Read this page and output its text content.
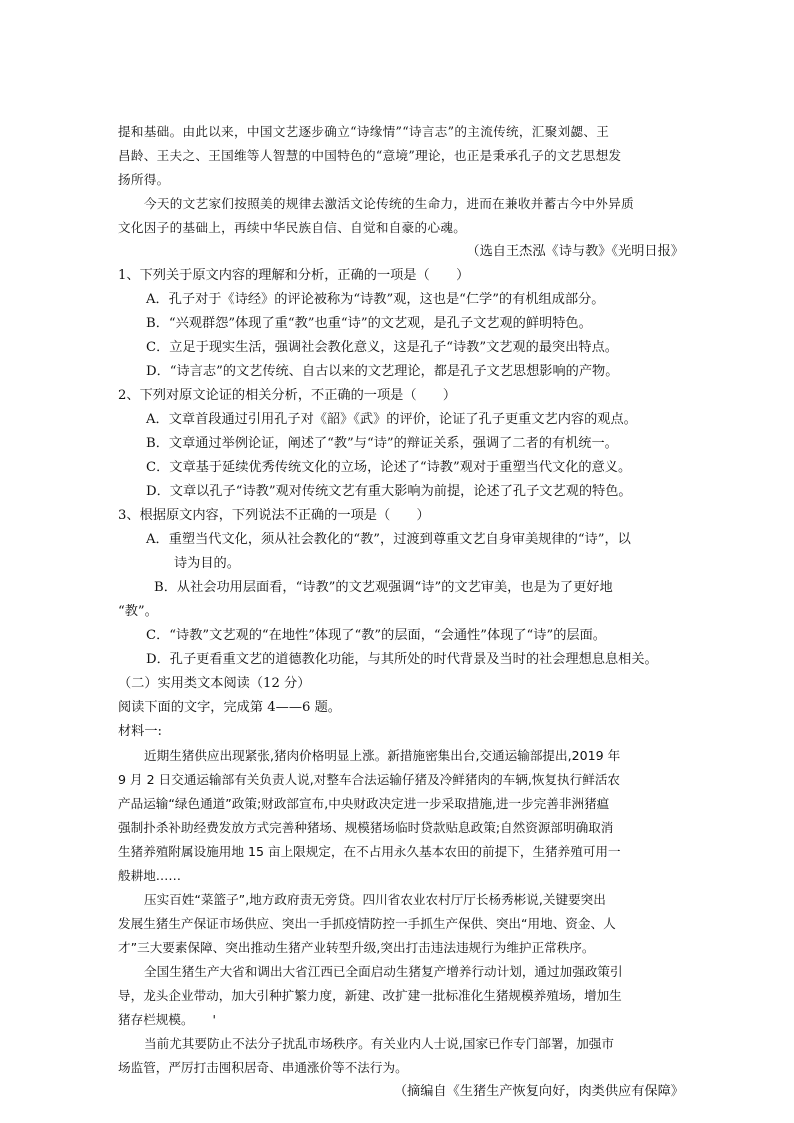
提和基础。由此以来，中国文艺逐步确立“诗缘情”“诗言志”的主流传统，汇聚刘勰、王
昌龄、王夫之、王国维等人智慧的中国特色的“意境”理论，也正是秉承孔子的文艺思想发
扬所得。
今天的文艺家们按照美的规律去激活文论传统的生命力，进而在兼收并蓄古今中外异质
文化因子的基础上，再续中华民族自信、自觉和自豪的心魂。
（选自王杰泓《诗与教》《光明日报》
1、下列关于原文内容的理解和分析，正确的一项是（　　）
A．孔子对于《诗经》的评论被称为“诗教”观，这也是“仁学”的有机组成部分。
B．“兴观群怨”体现了重“教”也重“诗”的文艺观，是孔子文艺观的鲜明特色。
C．立足于现实生活，强调社会教化意义，这是孔子“诗教”文艺观的最突出特点。
D．“诗言志”的文艺传统、自古以来的文艺理论，都是孔子文艺思想影响的产物。
2、下列对原文论证的相关分析，不正确的一项是（　　）
A．文章首段通过引用孔子对《韶》《武》的评价，论证了孔子更重文艺内容的观点。
B．文章通过举例论证，阐述了“教”与“诗”的辩证关系，强调了二者的有机统一。
C．文章基于延续优秀传统文化的立场，论述了“诗教”观对于重塑当代文化的意义。
D．文章以孔子“诗教”观对传统文艺有重大影响为前提，论述了孔子文艺观的特色。
3、根据原文内容，下列说法不正确的一项是（　　）
A．重塑当代文化，须从社会教化的“教”，过渡到尊重文艺自身审美规律的“诗”，以
诗为目的。
B．从社会功用层面看，“诗教”的文艺观强调“诗”的文艺审美，也是为了更好地
“教”。
C．“诗教”文艺观的“在地性”体现了“教”的层面，“会通性”体现了“诗”的层面。
D．孔子更看重文艺的道德教化功能，与其所处的时代背景及当时的社会理想息息相关。
（二）实用类文本阅读（12 分）
阅读下面的文字，完成第 4——6 题。
材料一:
近期生猪供应出现紧张,猪肉价格明显上涨。新措施密集出台,交通运输部提出,2019 年
9 月 2 日交通运输部有关负责人说,对整车合法运输仔猪及冷鲜猪肉的车辆,恢复执行鲜活农
产品运输“绿色通道”政策;财政部宣布,中央财政决定进一步采取措施,进一步完善非洲猪瘟
强制扑杀补助经费发放方式完善种猪场、规模猪场临时贷款贴息政策;自然资源部明确取消
生猪养殖附属设施用地 15 亩上限规定，在不占用永久基本农田的前提下，生猪养殖可用一
般耕地……
压实百姓“菜篮子”,地方政府责无旁贷。四川省农业农村厅厅长杨秀彬说,关键要突出
发展生猪生产保证市场供应、突出一手抓疫情防控一手抓生产保供、突出“用地、资金、人
才”三大要素保障、突出推动生猪产业转型升级,突出打击违法违规行为维护正常秩序。
全国生猪生产大省和调出大省江西已全面启动生猪复产增养行动计划，通过加强政策引
导，龙头企业带动，加大引种扩繁力度，新建、改扩建一批标准化生猪规模养殖场，增加生
猪存栏规模。　　'
当前尤其要防止不法分子扰乱市场秩序。有关业内人士说,国家已作专门部署，加强市
场监管，严厉打击囤积居奇、串通涨价等不法行为。
（摘编自《生猪生产恢复向好，肉类供应有保障》
